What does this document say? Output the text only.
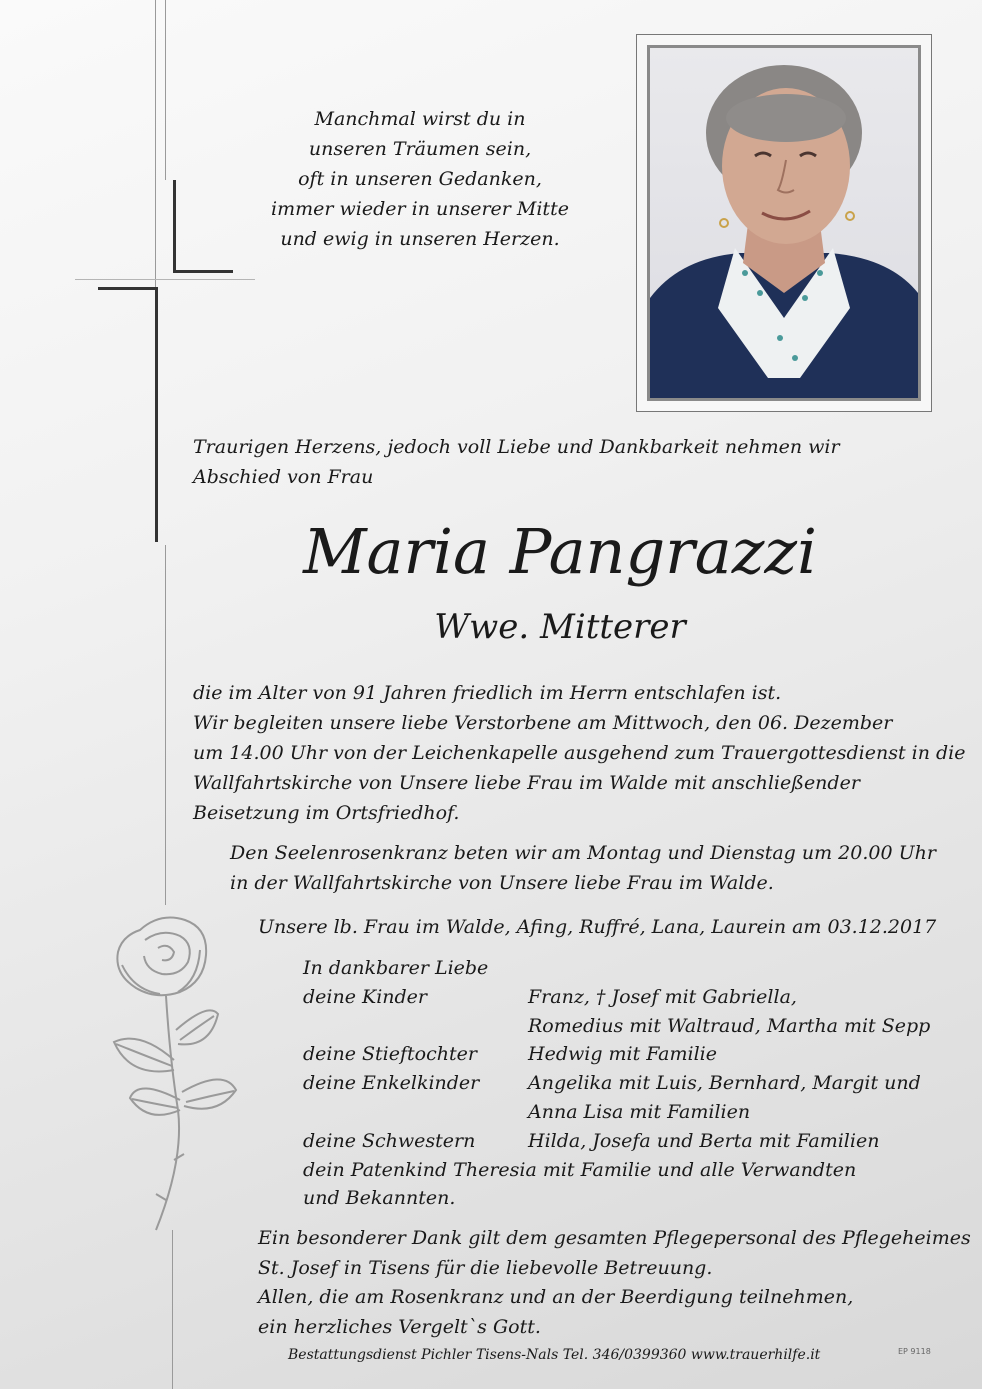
Manchmal wirst du in
unseren Träumen sein,
oft in unseren Gedanken,
immer wieder in unserer Mitte
und ewig in unseren Herzen.
Traurigen Herzens, jedoch voll Liebe und Dankbarkeit nehmen wir
Abschied von Frau
Maria Pangrazzi
Wwe. Mitterer
die im Alter von 91 Jahren friedlich im Herrn entschlafen ist.
Wir begleiten unsere liebe Verstorbene am Mittwoch, den 06. Dezember
um 14.00 Uhr von der Leichenkapelle ausgehend zum Trauergottesdienst in die
Wallfahrtskirche von Unsere liebe Frau im Walde mit anschließender
Beisetzung im Ortsfriedhof.
Den Seelenrosenkranz beten wir am Montag und Dienstag um 20.00 Uhr
in der Wallfahrtskirche von Unsere liebe Frau im Walde.
Unsere lb. Frau im Walde, Afing, Ruffré, Lana, Laurein am 03.12.2017
In dankbarer Liebe
deine Kinder	Franz, † Josef mit Gabriella,
Romedius mit Waltraud, Martha mit Sepp
deine Stieftochter	Hedwig mit Familie
deine Enkelkinder	Angelika mit Luis, Bernhard, Margit und
Anna Lisa mit Familien
deine Schwestern	Hilda, Josefa und Berta mit Familien
dein Patenkind Theresia mit Familie und alle Verwandten
und Bekannten.
Ein besonderer Dank gilt dem gesamten Pflegepersonal des Pflegeheimes
St. Josef in Tisens für die liebevolle Betreuung.
Allen, die am Rosenkranz und an der Beerdigung teilnehmen,
ein herzliches Vergelt`s Gott.
Bestattungsdienst Pichler Tisens-Nals Tel. 346/0399360 www.trauerhilfe.it	EP 9118
